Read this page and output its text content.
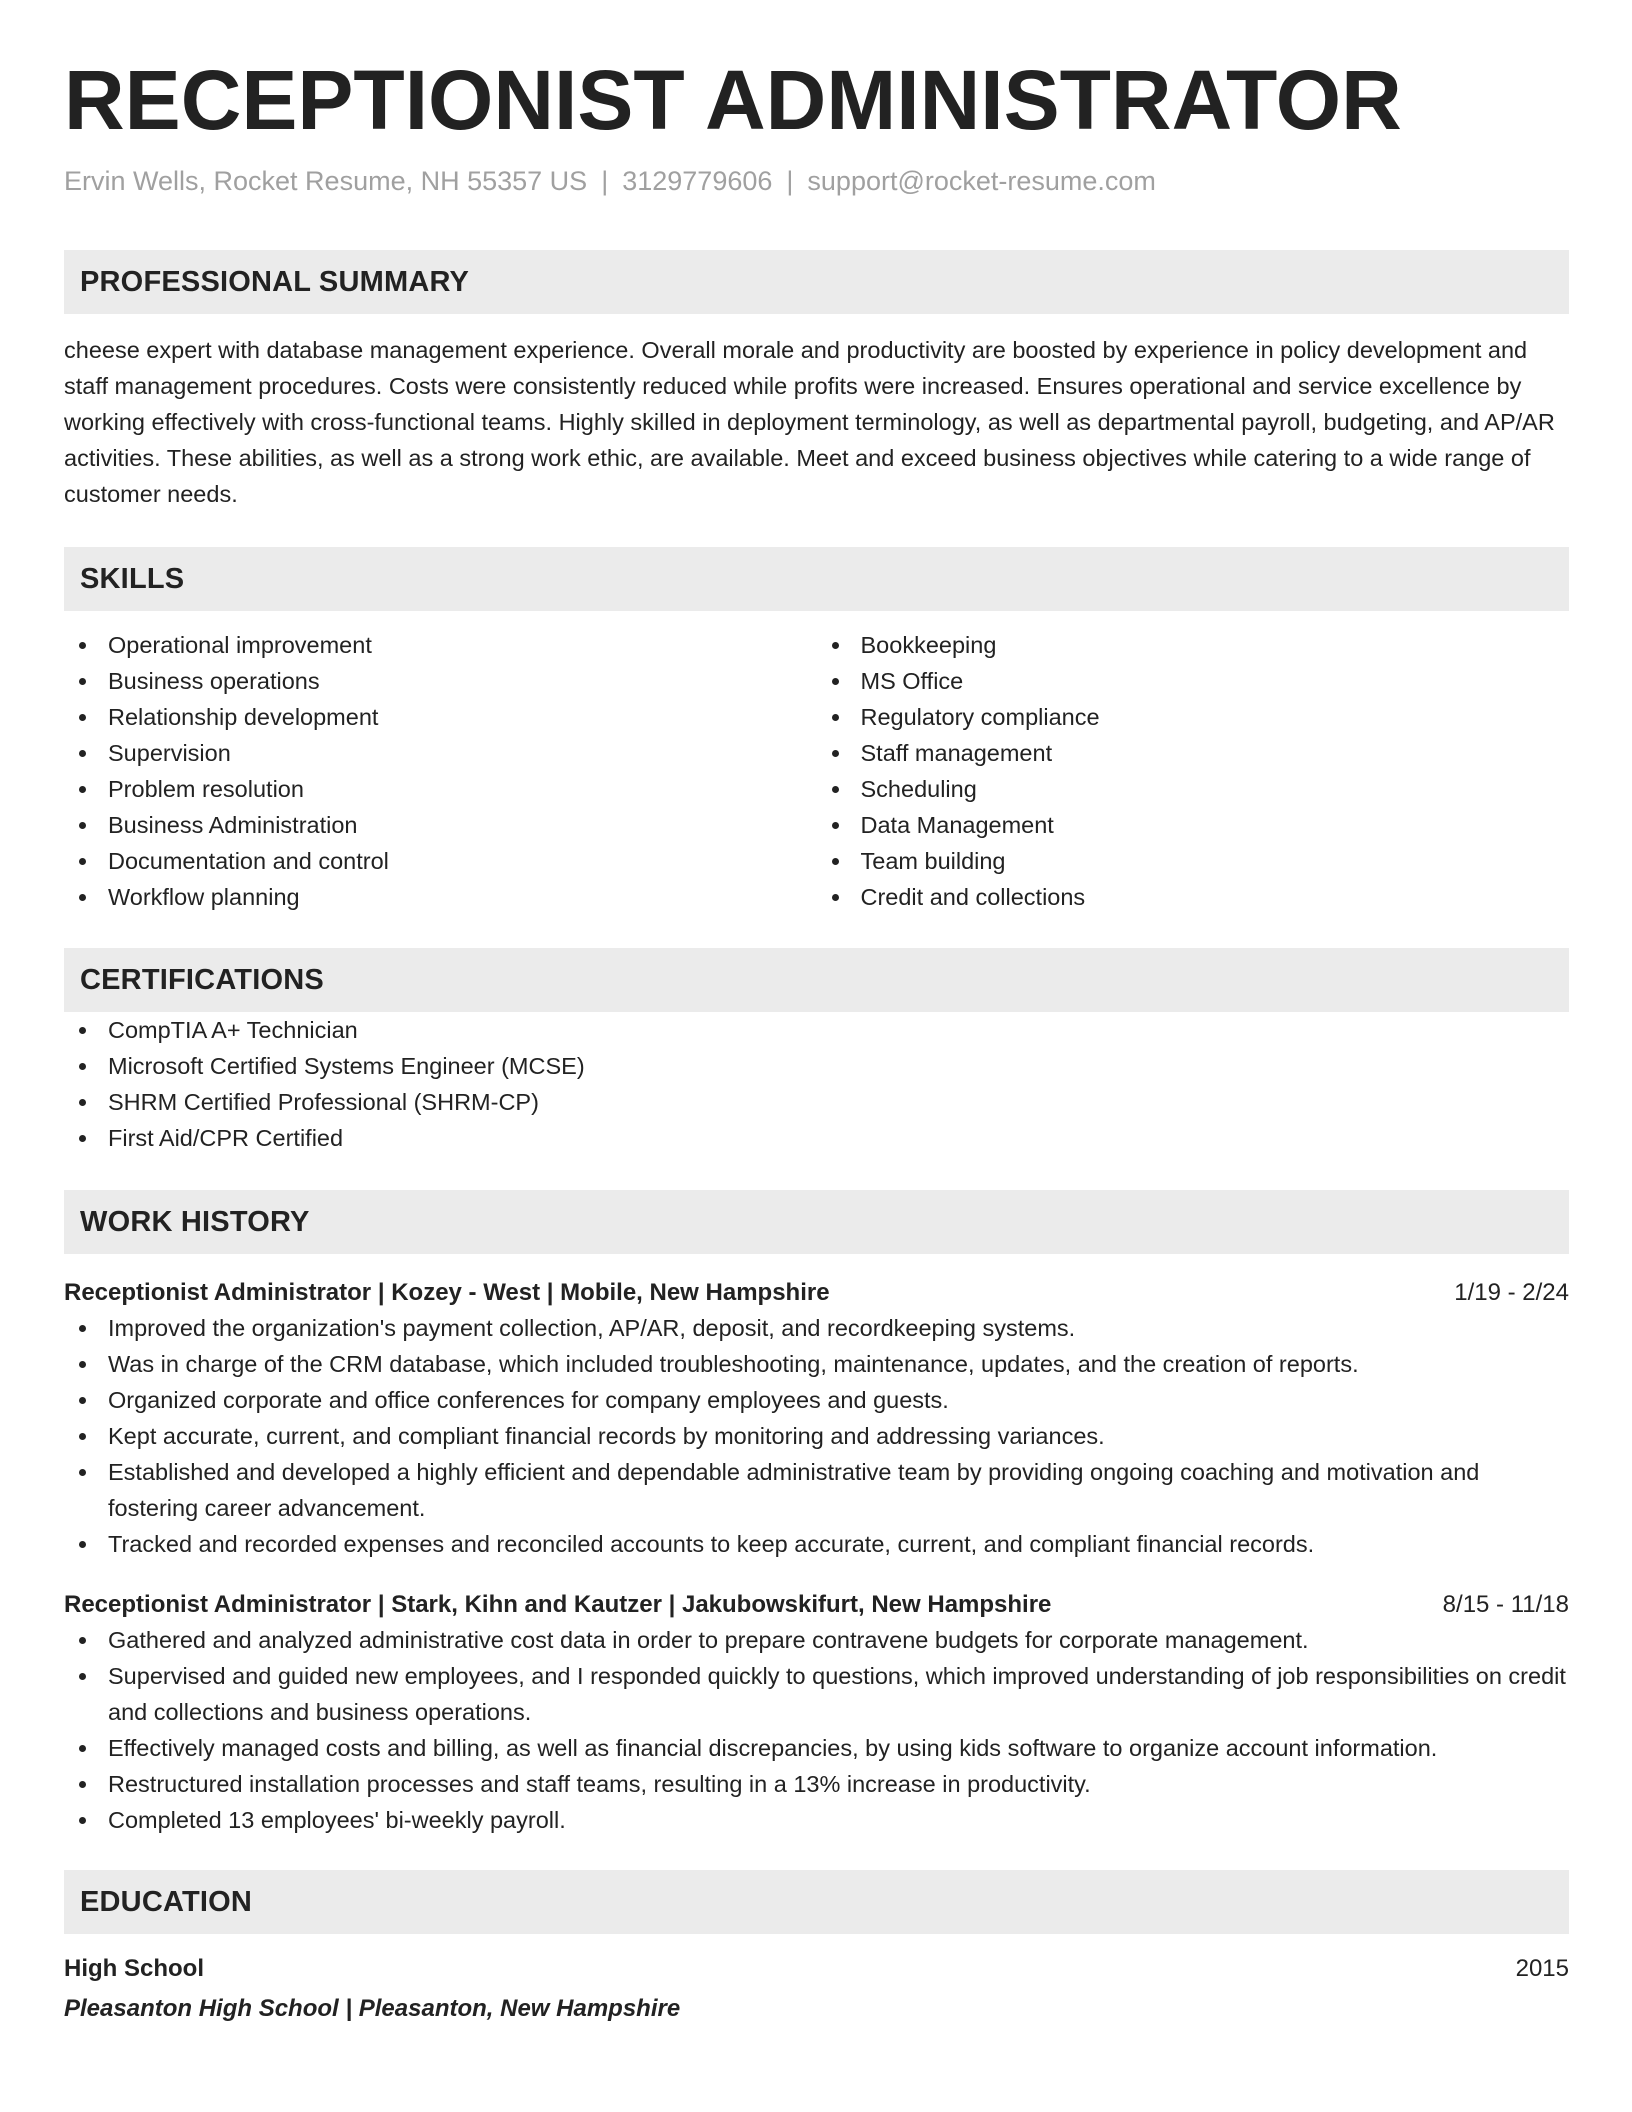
RECEPTIONIST ADMINISTRATOR
Ervin Wells, Rocket Resume, NH 55357 US | 3129779606 | support@rocket-resume.com
PROFESSIONAL SUMMARY
cheese expert with database management experience. Overall morale and productivity are boosted by experience in policy development and staff management procedures. Costs were consistently reduced while profits were increased. Ensures operational and service excellence by working effectively with cross-functional teams. Highly skilled in deployment terminology, as well as departmental payroll, budgeting, and AP/AR activities. These abilities, as well as a strong work ethic, are available. Meet and exceed business objectives while catering to a wide range of customer needs.
SKILLS
Operational improvement
Business operations
Relationship development
Supervision
Problem resolution
Business Administration
Documentation and control
Workflow planning
Bookkeeping
MS Office
Regulatory compliance
Staff management
Scheduling
Data Management
Team building
Credit and collections
CERTIFICATIONS
CompTIA A+ Technician
Microsoft Certified Systems Engineer (MCSE)
SHRM Certified Professional (SHRM-CP)
First Aid/CPR Certified
WORK HISTORY
Receptionist Administrator | Kozey - West | Mobile, New Hampshire	1/19 - 2/24
Improved the organization's payment collection, AP/AR, deposit, and recordkeeping systems.
Was in charge of the CRM database, which included troubleshooting, maintenance, updates, and the creation of reports.
Organized corporate and office conferences for company employees and guests.
Kept accurate, current, and compliant financial records by monitoring and addressing variances.
Established and developed a highly efficient and dependable administrative team by providing ongoing coaching and motivation and fostering career advancement.
Tracked and recorded expenses and reconciled accounts to keep accurate, current, and compliant financial records.
Receptionist Administrator | Stark, Kihn and Kautzer | Jakubowskifurt, New Hampshire	8/15 - 11/18
Gathered and analyzed administrative cost data in order to prepare contravene budgets for corporate management.
Supervised and guided new employees, and I responded quickly to questions, which improved understanding of job responsibilities on credit and collections and business operations.
Effectively managed costs and billing, as well as financial discrepancies, by using kids software to organize account information.
Restructured installation processes and staff teams, resulting in a 13% increase in productivity.
Completed 13 employees' bi-weekly payroll.
EDUCATION
High School	2015
Pleasanton High School | Pleasanton, New Hampshire
